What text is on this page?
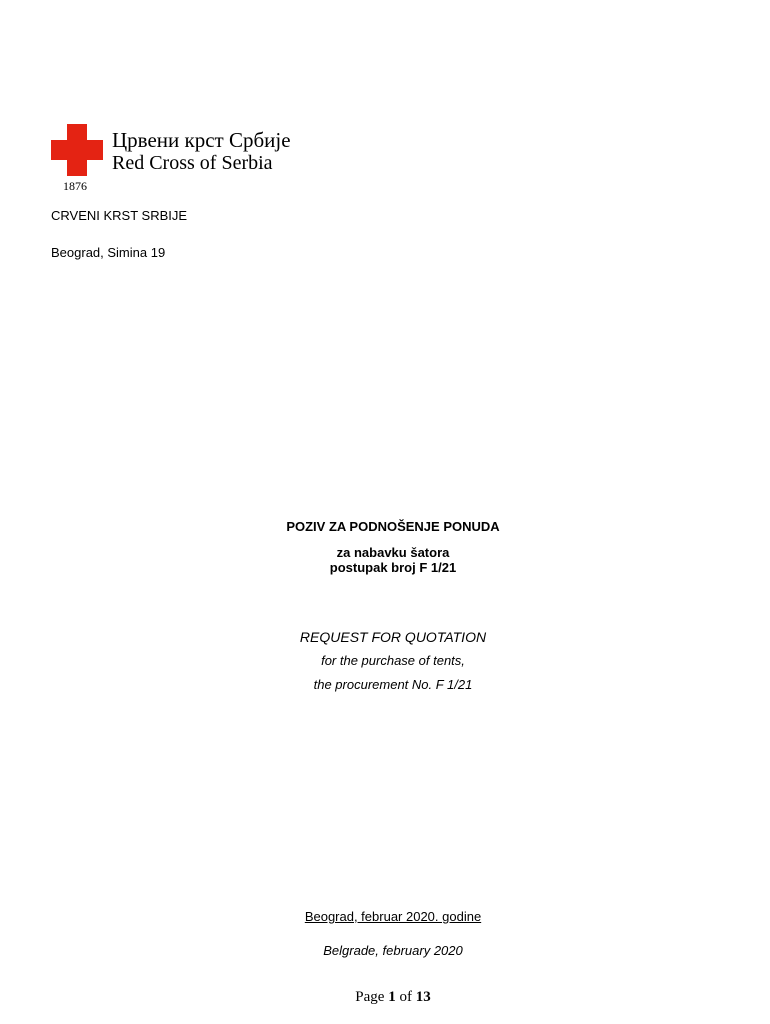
Црвени крст Србије
Red Cross of Serbia
1876
CRVENI KRST SRBIJE
Beograd, Simina 19
POZIV ZA PODNOŠENJE PONUDA
za nabavku šatora
postupak broj F 1/21
REQUEST FOR QUOTATION
for the purchase of tents,
the procurement No. F 1/21
Beograd, februar 2020. godine
Belgrade, february 2020
Page 1 of 13
